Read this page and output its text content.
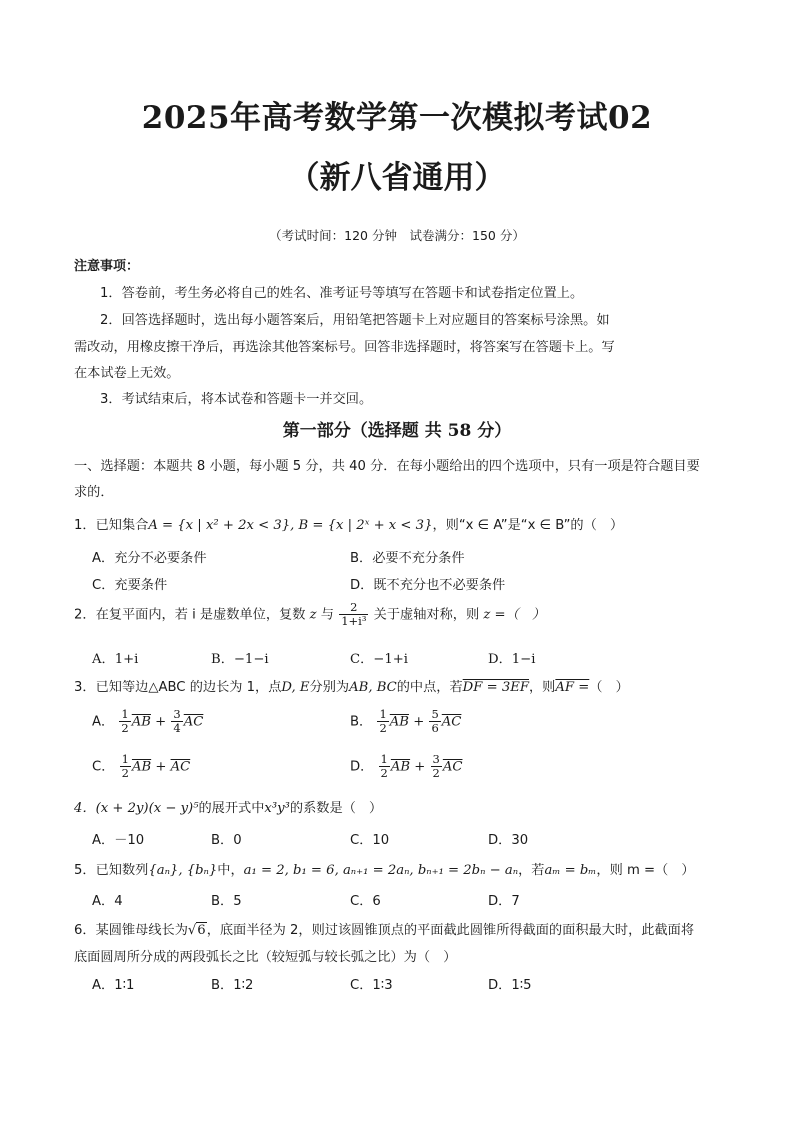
2025年高考数学第一次模拟考试02
（新八省通用）
（考试时间：120 分钟　试卷满分：150 分）
注意事项：
1．答卷前，考生务必将自己的姓名、准考证号等填写在答题卡和试卷指定位置上。
2．回答选择题时，选出每小题答案后，用铅笔把答题卡上对应题目的答案标号涂黑。如
需改动，用橡皮擦干净后，再选涂其他答案标号。回答非选择题时，将答案写在答题卡上。写
在本试卷上无效。
3．考试结束后，将本试卷和答题卡一并交回。
第一部分（选择题 共 58 分）
一、选择题：本题共 8 小题，每小题 5 分，共 40 分．在每小题给出的四个选项中，只有一项是符合题目要
求的．
1．已知集合A = {x | x² + 2x < 3}, B = {x | 2ˣ + x < 3}，则“x ∈ A”是“x ∈ B”的（　）
A．充分不必要条件	B．必要不充分条件
C．充要条件	D．既不充分也不必要条件
2．在复平面内，若 i 是虚数单位，复数 z 与 $\frac{2}{\text{1+i³}}$ 关于虚轴对称，则 z =（　）
A．1+i	B．−1−i	C．−1+i	D．1−i
3．已知等边△ABC 的边长为 1，点D, E分别为AB, BC的中点，若DF = 3EF，则AF =（　）
A． $\frac{1}{2} \overline{AB} + \frac{3}{4} \overline{AC}$	B． $\frac{1}{2} \overline{AB} + \frac{5}{6} \overline{AC}$
C． $\frac{1}{2} \overline{AB} + \overline{AC}$	D． $\frac{1}{2} \overline{AB} + \frac{3}{2} \overline{AC}$
4．(x + 2y)(x − y)⁵的展开式中x³y³的系数是（　）
A．－10	B．0	C．10	D．30
5．已知数列{aₙ}, {bₙ}中，a₁ = 2, b₁ = 6, aₙ₊₁ = 2aₙ, bₙ₊₁ = 2bₙ − aₙ，若aₘ = bₘ，则 m =（　）
A．4	B．5	C．6	D．7
6．某圆锥母线长为√6，底面半径为 2，则过该圆锥顶点的平面截此圆锥所得截面的面积最大时，此截面将
底面圆周所分成的两段弧长之比（较短弧与较长弧之比）为（　）
A．1∶1	B．1∶2	C．1∶3	D．1∶5
